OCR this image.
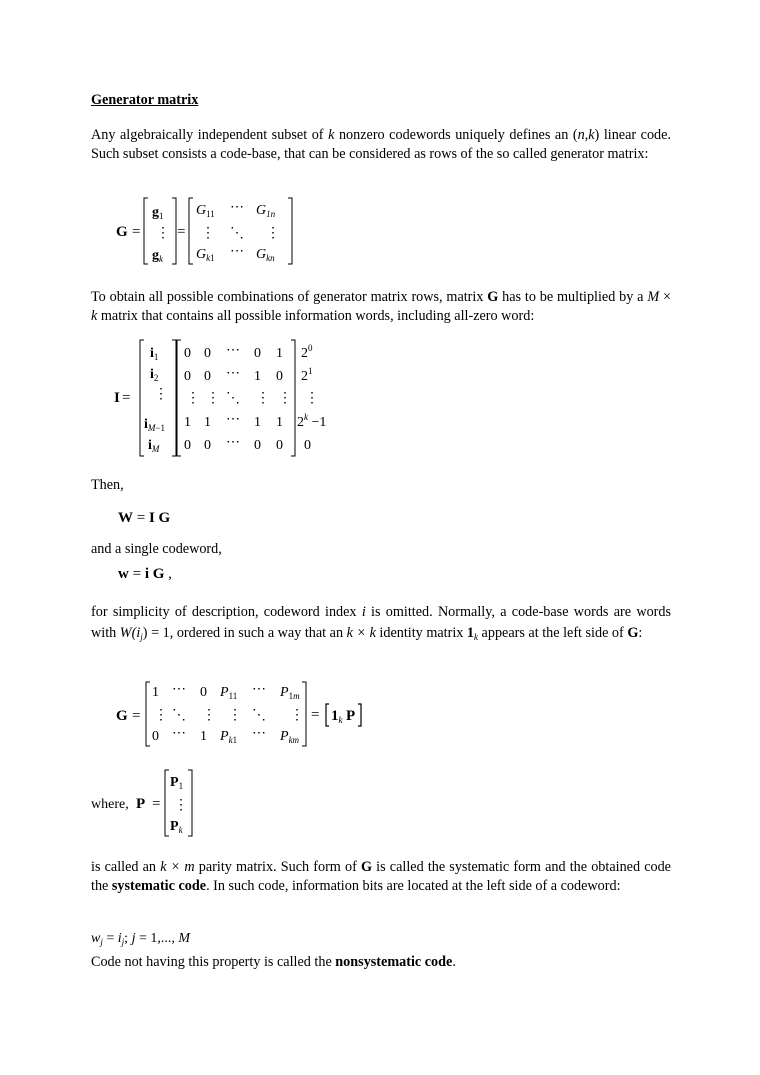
Generator matrix
Any algebraically independent subset of k nonzero codewords uniquely defines an (n,k) linear code. Such subset consists a code-base, that can be considered as rows of the so called generator matrix:
G =
$g_1$
⋮
$g_k$
=
$G_{11}$ ⋯ $G_{1n}$
⋮ ⋱ ⋮
$G_{k1}$ ⋯ $G_{kn}$
To obtain all possible combinations of generator matrix rows, matrix G has to be multiplied by a M × k matrix that contains all possible information words, including all-zero word:
I =
$i_1$
$i_2$
⋮
$i_M-1$
$i_M$
0 0 ⋯ 0 1
0 0 ⋯ 1 0
⋮ ⋮ ⋱ ⋮ ⋮
1 1 ⋯ 1 1
0 0 ⋯ 0 0
$2^0$
$2^1$
⋮
$2^k -1$
0
Then,
W = I G
and a single codeword,
w = i G ,
for simplicity of description, codeword index i is omitted. Normally, a code-base words are words with $W(i_j) = 1$, ordered in such a way that an k × k identity matrix $1_k$ appears at the left side of G:
G =
1 ⋯ 0 $P_{11}$ ⋯ $P_{1m}$
⋮ ⋱ ⋮ ⋮ ⋱ ⋮
0 ⋯ 1 $P_{k1}$ ⋯ $P_{km}$
= $1_k$ P
where, P =
$P_1$
⋮
$P_k$
is called an k × m parity matrix. Such form of G is called the systematic form and the obtained code the systematic code. In such code, information bits are located at the left side of a codeword:
$w_j = i_j$; j = 1,..., M
Code not having this property is called the nonsystematic code.
